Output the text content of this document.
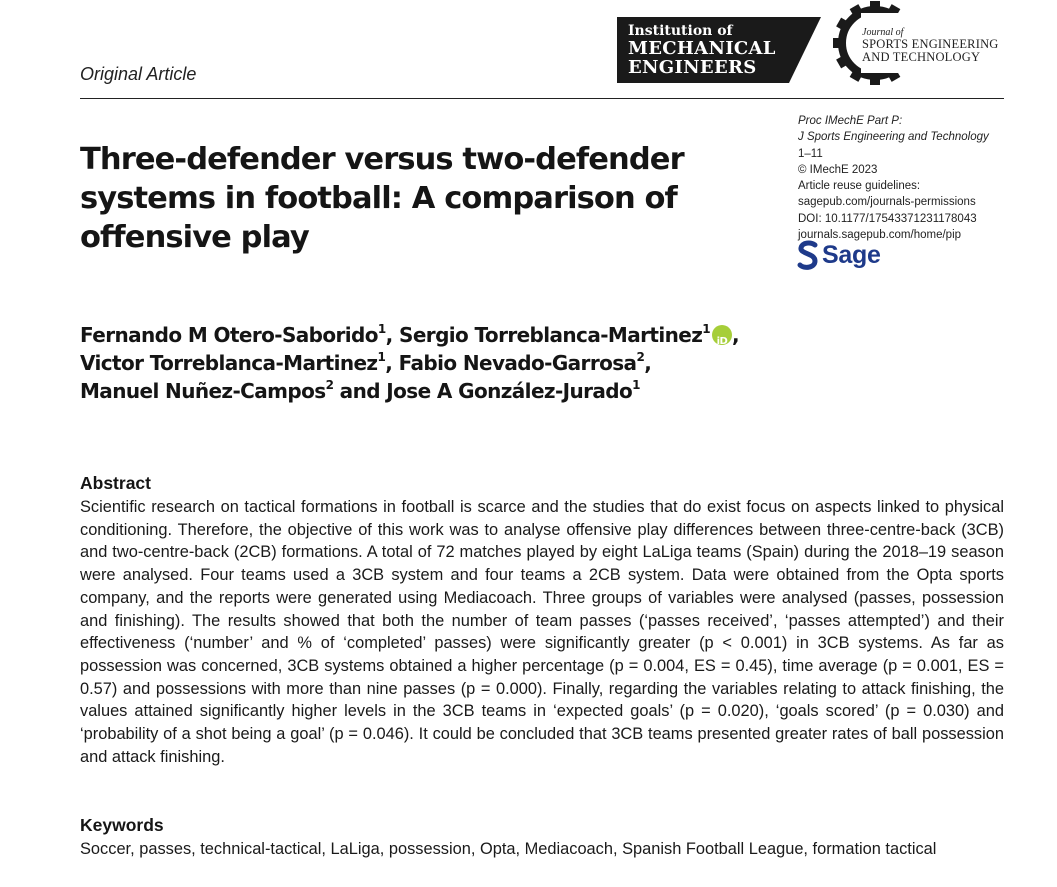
Original Article
Institution of
MECHANICAL
ENGINEERS
Journal of
SPORTS ENGINEERING
AND TECHNOLOGY
Proc IMechE Part P:
J Sports Engineering and Technology
1–11
© IMechE 2023
Article reuse guidelines:
sagepub.com/journals-permissions
DOI: 10.1177/17543371231178043
journals.sagepub.com/home/pip
Sage
Three-defender versus two-defender systems in football: A comparison of offensive play
Fernando M Otero-Saborido$^1$, Sergio Torreblanca-Martinez$^1$
iD ,
Victor Torreblanca-Martinez$^1$, Fabio Nevado-Garrosa$^2$,
Manuel Nuñez-Campos$^2$ and Jose A González-Jurado$^1$
Abstract

Scientific research on tactical formations in football is scarce and the studies that do exist focus on aspects linked to physical conditioning. Therefore, the objective of this work was to analyse offensive play differences between three-centre-back (3CB) and two-centre-back (2CB) formations. A total of 72 matches played by eight LaLiga teams (Spain) during the 2018–19 season were analysed. Four teams used a 3CB system and four teams a 2CB system. Data were obtained from the Opta sports company, and the reports were generated using Mediacoach. Three groups of variables were analysed (passes, possession and finishing). The results showed that both the number of team passes (‘passes received’, ‘passes attempted’) and their effectiveness (‘number’ and % of ‘completed’ passes) were significantly greater (p < 0.001) in 3CB systems. As far as possession was concerned, 3CB systems obtained a higher percentage (p = 0.004, ES = 0.45), time average (p = 0.001, ES = 0.57) and possessions with more than nine passes (p = 0.000). Finally, regarding the variables relating to attack finishing, the values attained significantly higher levels in the 3CB teams in ‘expected goals’ (p = 0.020), ‘goals scored’ (p = 0.030) and ‘probability of a shot being a goal’ (p = 0.046). It could be concluded that 3CB teams presented greater rates of ball possession and attack finishing.

Keywords

Soccer, passes, technical-tactical, LaLiga, possession, Opta, Mediacoach, Spanish Football League, formation tactical
